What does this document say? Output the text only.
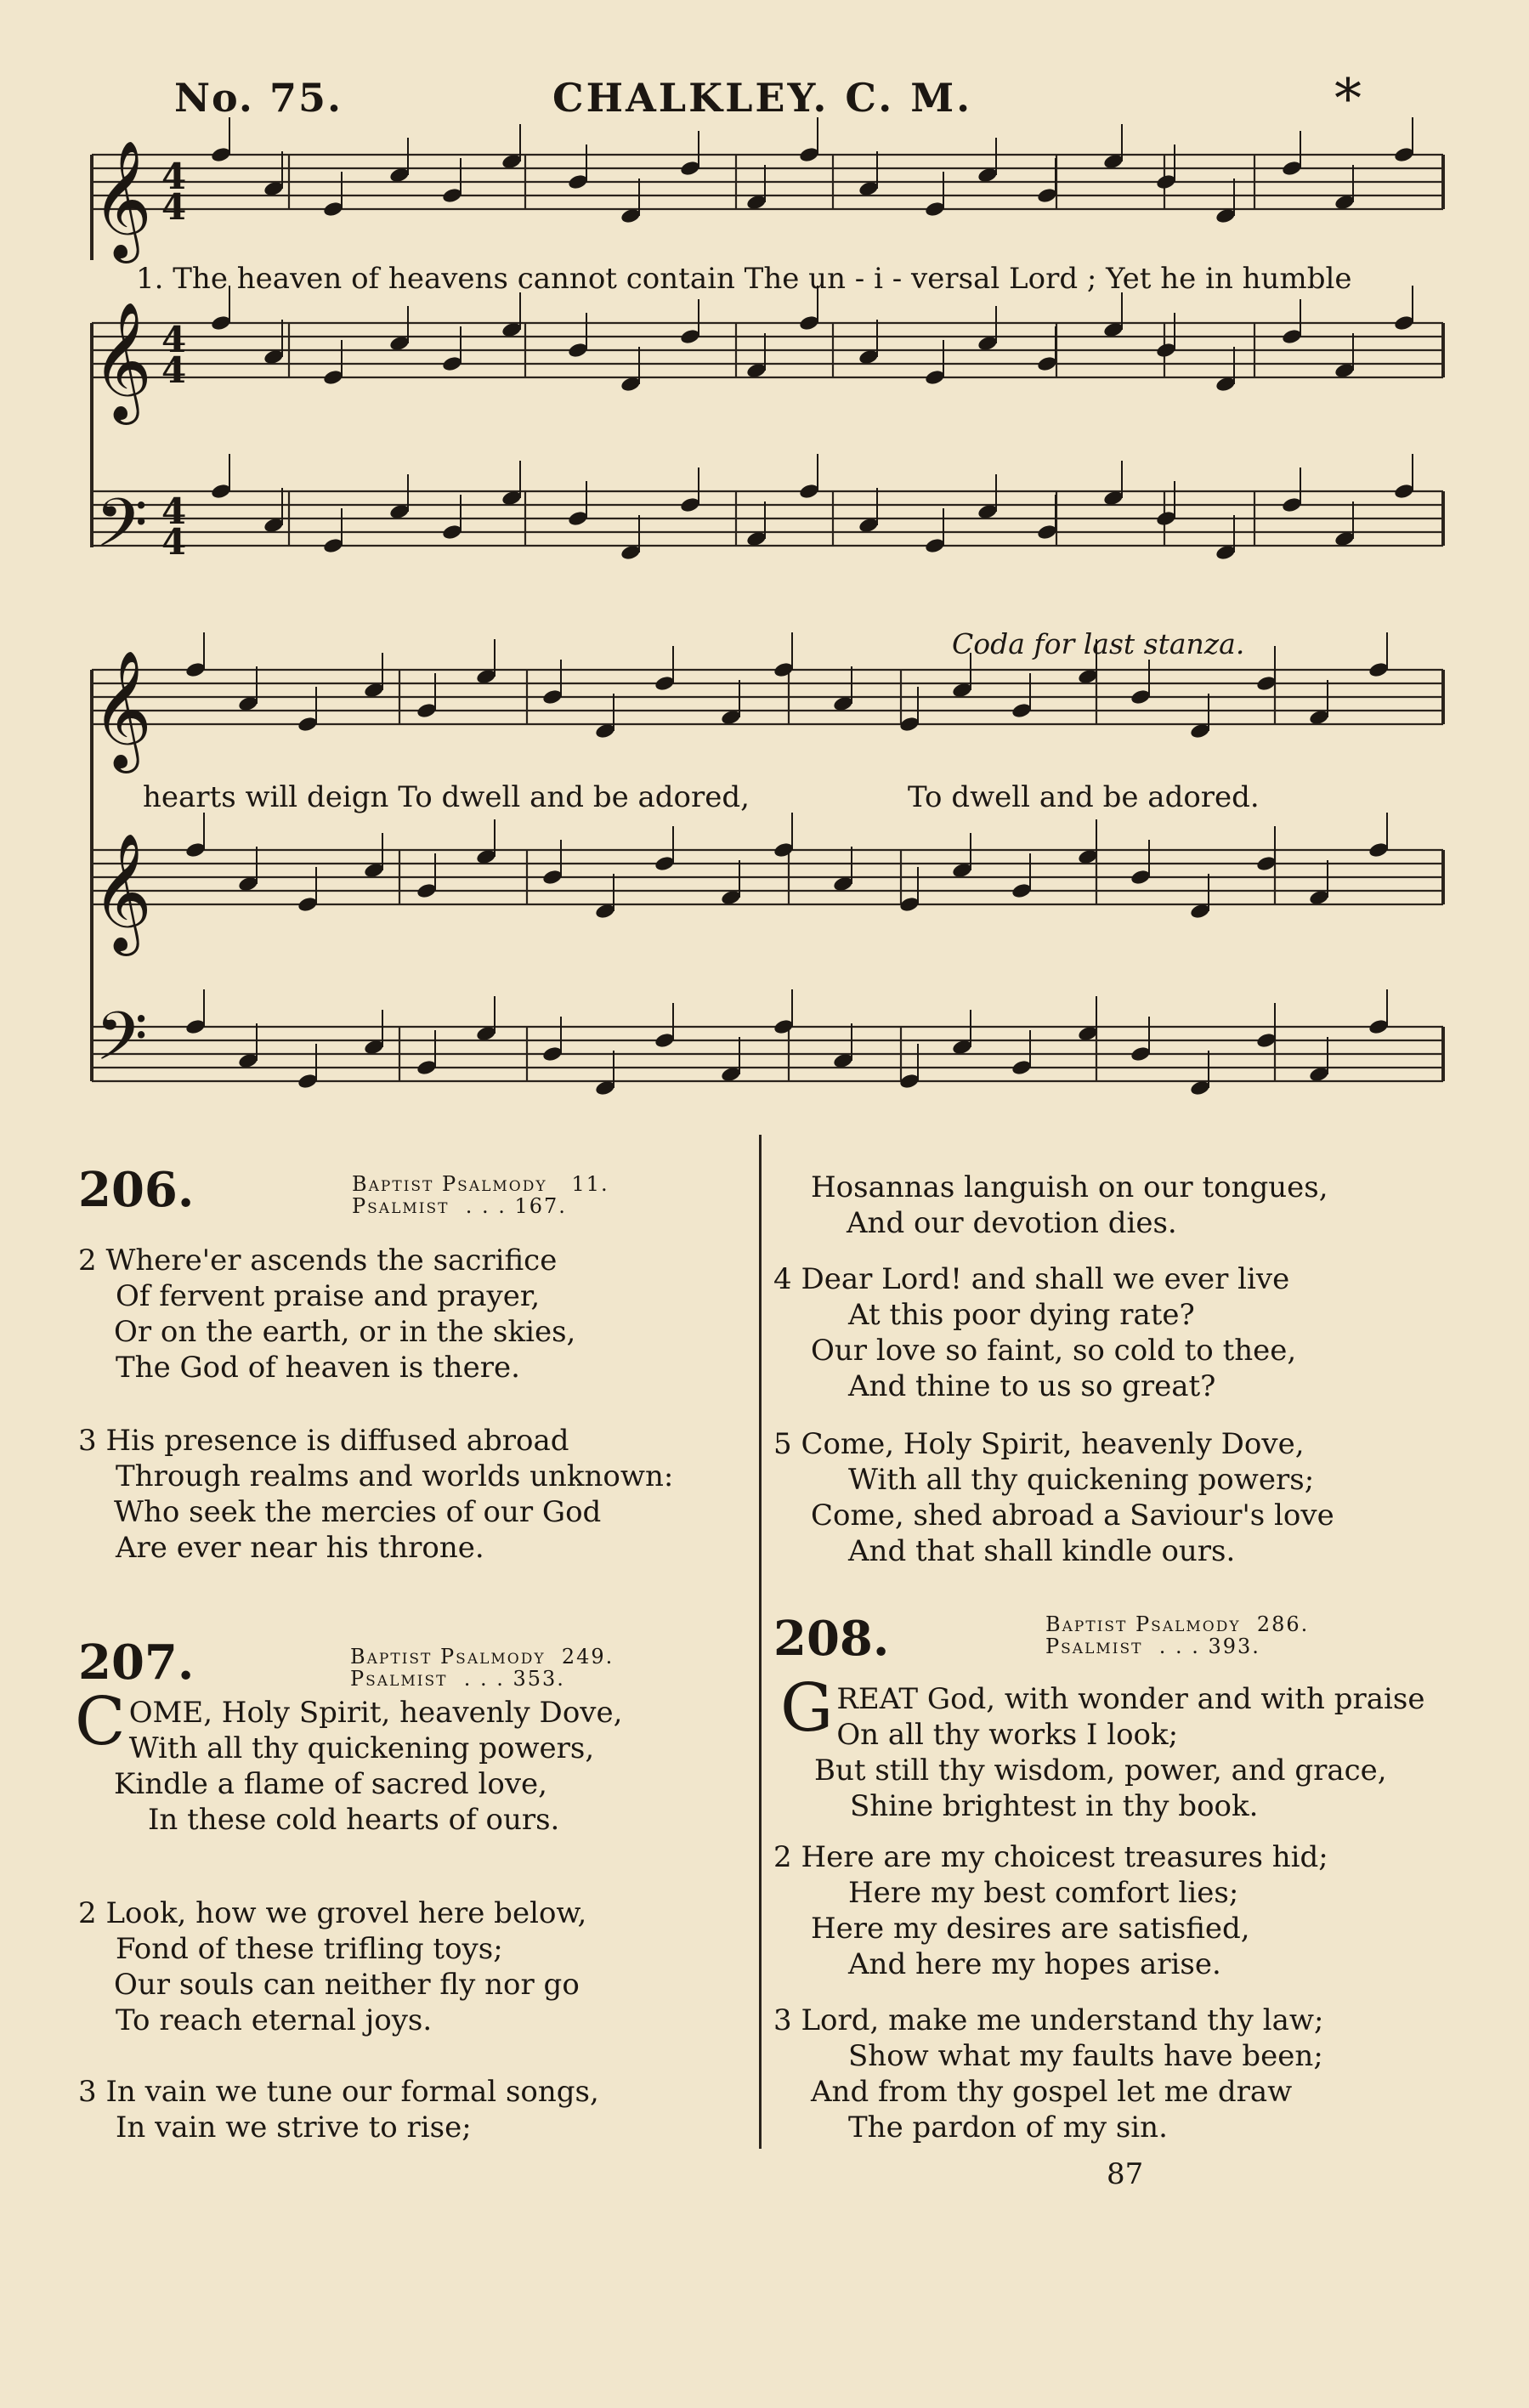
No. 75.	CHALKLEY. C. M.	*
𝄞
𝄞
𝄞
𝄞
𝄢
𝄢
4
4
4
4
4
4
1. The heaven of heavens cannot contain The un - i - versal Lord ; Yet he in humble
Coda for last stanza.
hearts will deign To dwell and be adored,	To dwell and be adored.
206.	Baptist Psalmody   11.
Psalmist  . . . 167.
2 Where'er ascends the sacrifice
Of fervent praise and prayer,
Or on the earth, or in the skies,
The God of heaven is there.
3 His presence is diffused abroad
Through realms and worlds unknown:
Who seek the mercies of our God
Are ever near his throne.
207.	Baptist Psalmody  249.
Psalmist  . . . 353.
COME, Holy Spirit, heavenly Dove,
With all thy quickening powers,
Kindle a flame of sacred love,
In these cold hearts of ours.
2 Look, how we grovel here below,
Fond of these trifling toys;
Our souls can neither fly nor go
To reach eternal joys.
3 In vain we tune our formal songs,
In vain we strive to rise;
Hosannas languish on our tongues,
And our devotion dies.
4 Dear Lord! and shall we ever live
At this poor dying rate?
Our love so faint, so cold to thee,
And thine to us so great?
5 Come, Holy Spirit, heavenly Dove,
With all thy quickening powers;
Come, shed abroad a Saviour's love
And that shall kindle ours.
208.	Baptist Psalmody  286.
Psalmist  . . . 393.
GREAT God, with wonder and with praise
On all thy works I look;
But still thy wisdom, power, and grace,
Shine brightest in thy book.
2 Here are my choicest treasures hid;
Here my best comfort lies;
Here my desires are satisfied,
And here my hopes arise.
3 Lord, make me understand thy law;
Show what my faults have been;
And from thy gospel let me draw
The pardon of my sin.
87
